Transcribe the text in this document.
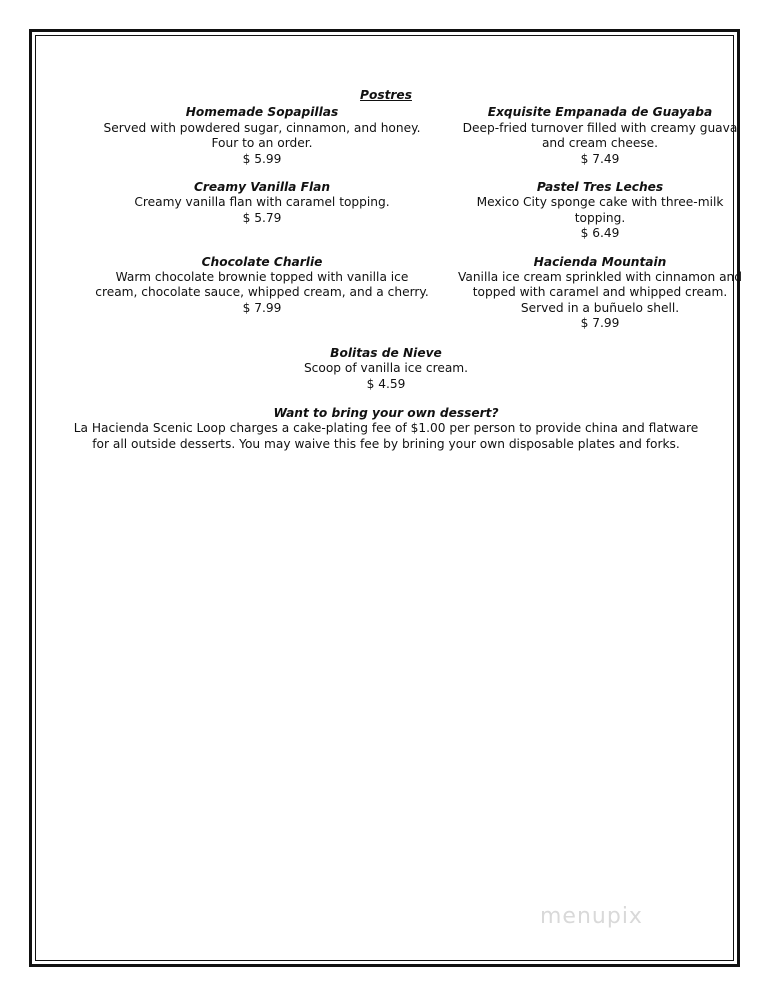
Postres
Homemade Sopapillas
Served with powdered sugar, cinnamon, and honey. Four to an order.
$ 5.99
Exquisite Empanada de Guayaba
Deep-fried turnover filled with creamy guava and cream cheese.
$ 7.49
Creamy Vanilla Flan
Creamy vanilla flan with caramel topping.
$ 5.79
Pastel Tres Leches
Mexico City sponge cake with three-milk topping.
$ 6.49
Chocolate Charlie
Warm chocolate brownie topped with vanilla ice cream, chocolate sauce, whipped cream, and a cherry.
$ 7.99
Hacienda Mountain
Vanilla ice cream sprinkled with cinnamon and topped with caramel and whipped cream. Served in a buñuelo shell.
$ 7.99
Bolitas de Nieve
Scoop of vanilla ice cream.
$ 4.59
Want to bring your own dessert?
La Hacienda Scenic Loop charges a cake-plating fee of $1.00 per person to provide china and flatware for all outside desserts. You may waive this fee by brining your own disposable plates and forks.
menupix
